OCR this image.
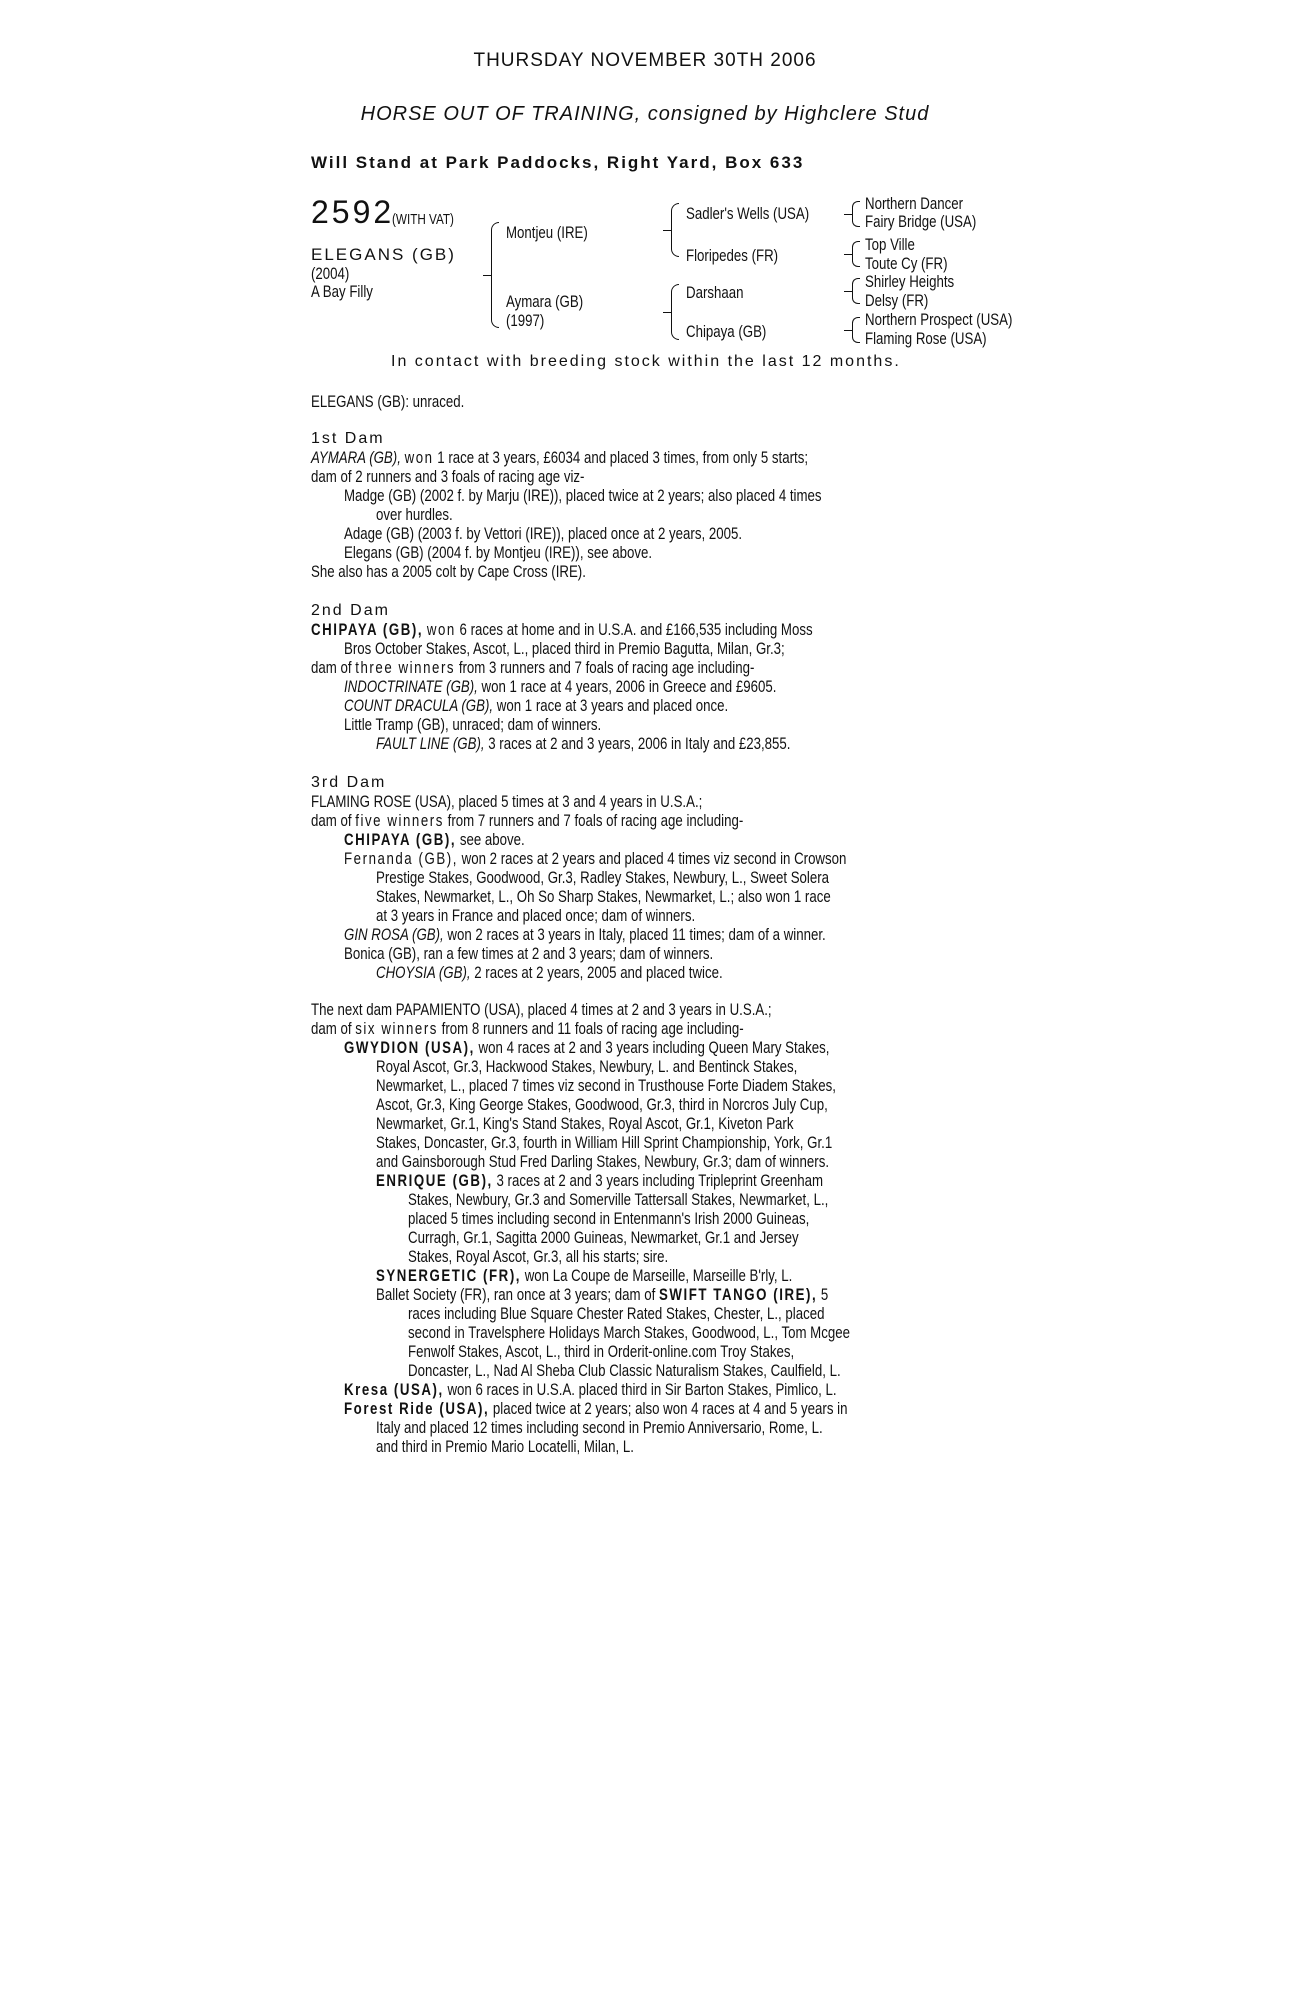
THURSDAY NOVEMBER 30TH 2006
HORSE OUT OF TRAINING, consigned by Highclere Stud
Will Stand at Park Paddocks, Right Yard, Box 633
2592
(WITH VAT)
ELEGANS (GB)
(2004)
A Bay Filly
Montjeu (IRE)
Aymara (GB)
(1997)
Sadler's Wells (USA)
Floripedes (FR)
Darshaan
Chipaya (GB)
Northern Dancer
Fairy Bridge (USA)
Top Ville
Toute Cy (FR)
Shirley Heights
Delsy (FR)
Northern Prospect (USA)
Flaming Rose (USA)
In contact with breeding stock within the last 12 months.
ELEGANS (GB): unraced.
1st Dam
AYMARA (GB), won 1 race at 3 years, £6034 and placed 3 times, from only 5 starts;
dam of 2 runners and 3 foals of racing age viz-
Madge (GB) (2002 f. by Marju (IRE)), placed twice at 2 years; also placed 4 times
over hurdles.
Adage (GB) (2003 f. by Vettori (IRE)), placed once at 2 years, 2005.
Elegans (GB) (2004 f. by Montjeu (IRE)), see above.
She also has a 2005 colt by Cape Cross (IRE).
2nd Dam
CHIPAYA (GB), won 6 races at home and in U.S.A. and £166,535 including Moss
Bros October Stakes, Ascot, L., placed third in Premio Bagutta, Milan, Gr.3;
dam of three winners from 3 runners and 7 foals of racing age including-
INDOCTRINATE (GB), won 1 race at 4 years, 2006 in Greece and £9605.
COUNT DRACULA (GB), won 1 race at 3 years and placed once.
Little Tramp (GB), unraced; dam of winners.
FAULT LINE (GB), 3 races at 2 and 3 years, 2006 in Italy and £23,855.
3rd Dam
FLAMING ROSE (USA), placed 5 times at 3 and 4 years in U.S.A.;
dam of five winners from 7 runners and 7 foals of racing age including-
CHIPAYA (GB), see above.
Fernanda (GB), won 2 races at 2 years and placed 4 times viz second in Crowson
Prestige Stakes, Goodwood, Gr.3, Radley Stakes, Newbury, L., Sweet Solera
Stakes, Newmarket, L., Oh So Sharp Stakes, Newmarket, L.; also won 1 race
at 3 years in France and placed once; dam of winners.
GIN ROSA (GB), won 2 races at 3 years in Italy, placed 11 times; dam of a winner.
Bonica (GB), ran a few times at 2 and 3 years; dam of winners.
CHOYSIA (GB), 2 races at 2 years, 2005 and placed twice.
The next dam PAPAMIENTO (USA), placed 4 times at 2 and 3 years in U.S.A.;
dam of six winners from 8 runners and 11 foals of racing age including-
GWYDION (USA), won 4 races at 2 and 3 years including Queen Mary Stakes,
Royal Ascot, Gr.3, Hackwood Stakes, Newbury, L. and Bentinck Stakes,
Newmarket, L., placed 7 times viz second in Trusthouse Forte Diadem Stakes,
Ascot, Gr.3, King George Stakes, Goodwood, Gr.3, third in Norcros July Cup,
Newmarket, Gr.1, King's Stand Stakes, Royal Ascot, Gr.1, Kiveton Park
Stakes, Doncaster, Gr.3, fourth in William Hill Sprint Championship, York, Gr.1
and Gainsborough Stud Fred Darling Stakes, Newbury, Gr.3; dam of winners.
ENRIQUE (GB), 3 races at 2 and 3 years including Tripleprint Greenham
Stakes, Newbury, Gr.3 and Somerville Tattersall Stakes, Newmarket, L.,
placed 5 times including second in Entenmann's Irish 2000 Guineas,
Curragh, Gr.1, Sagitta 2000 Guineas, Newmarket, Gr.1 and Jersey
Stakes, Royal Ascot, Gr.3, all his starts; sire.
SYNERGETIC (FR), won La Coupe de Marseille, Marseille B'rly, L.
Ballet Society (FR), ran once at 3 years; dam of SWIFT TANGO (IRE), 5
races including Blue Square Chester Rated Stakes, Chester, L., placed
second in Travelsphere Holidays March Stakes, Goodwood, L., Tom Mcgee
Fenwolf Stakes, Ascot, L., third in Orderit-online.com Troy Stakes,
Doncaster, L., Nad Al Sheba Club Classic Naturalism Stakes, Caulfield, L.
Kresa (USA), won 6 races in U.S.A. placed third in Sir Barton Stakes, Pimlico, L.
Forest Ride (USA), placed twice at 2 years; also won 4 races at 4 and 5 years in
Italy and placed 12 times including second in Premio Anniversario, Rome, L.
and third in Premio Mario Locatelli, Milan, L.
